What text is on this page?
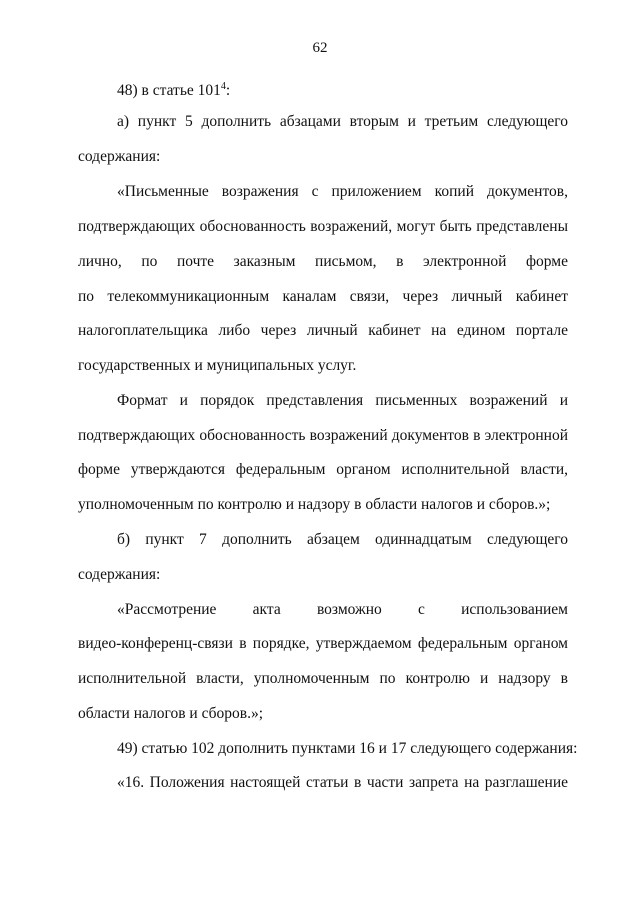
62
48) в статье $101^4$:
а) пункт 5 дополнить абзацами вторым и третьим следующего
содержания:
«Письменные возражения с приложением копий документов,
подтверждающих обоснованность возражений, могут быть представлены
лично, по почте заказным письмом, в электронной форме
по телекоммуникационным каналам связи, через личный кабинет
налогоплательщика либо через личный кабинет на едином портале
государственных и муниципальных услуг.
Формат и порядок представления письменных возражений и
подтверждающих обоснованность возражений документов в электронной
форме утверждаются федеральным органом исполнительной власти,
уполномоченным по контролю и надзору в области налогов и сборов.»;
б) пункт 7 дополнить абзацем одиннадцатым следующего
содержания:
«Рассмотрение акта возможно с использованием
видео-конференц-связи в порядке, утверждаемом федеральным органом
исполнительной власти, уполномоченным по контролю и надзору в
области налогов и сборов.»;
49) статью 102 дополнить пунктами 16 и 17 следующего содержания:
«16. Положения настоящей статьи в части запрета на разглашение
